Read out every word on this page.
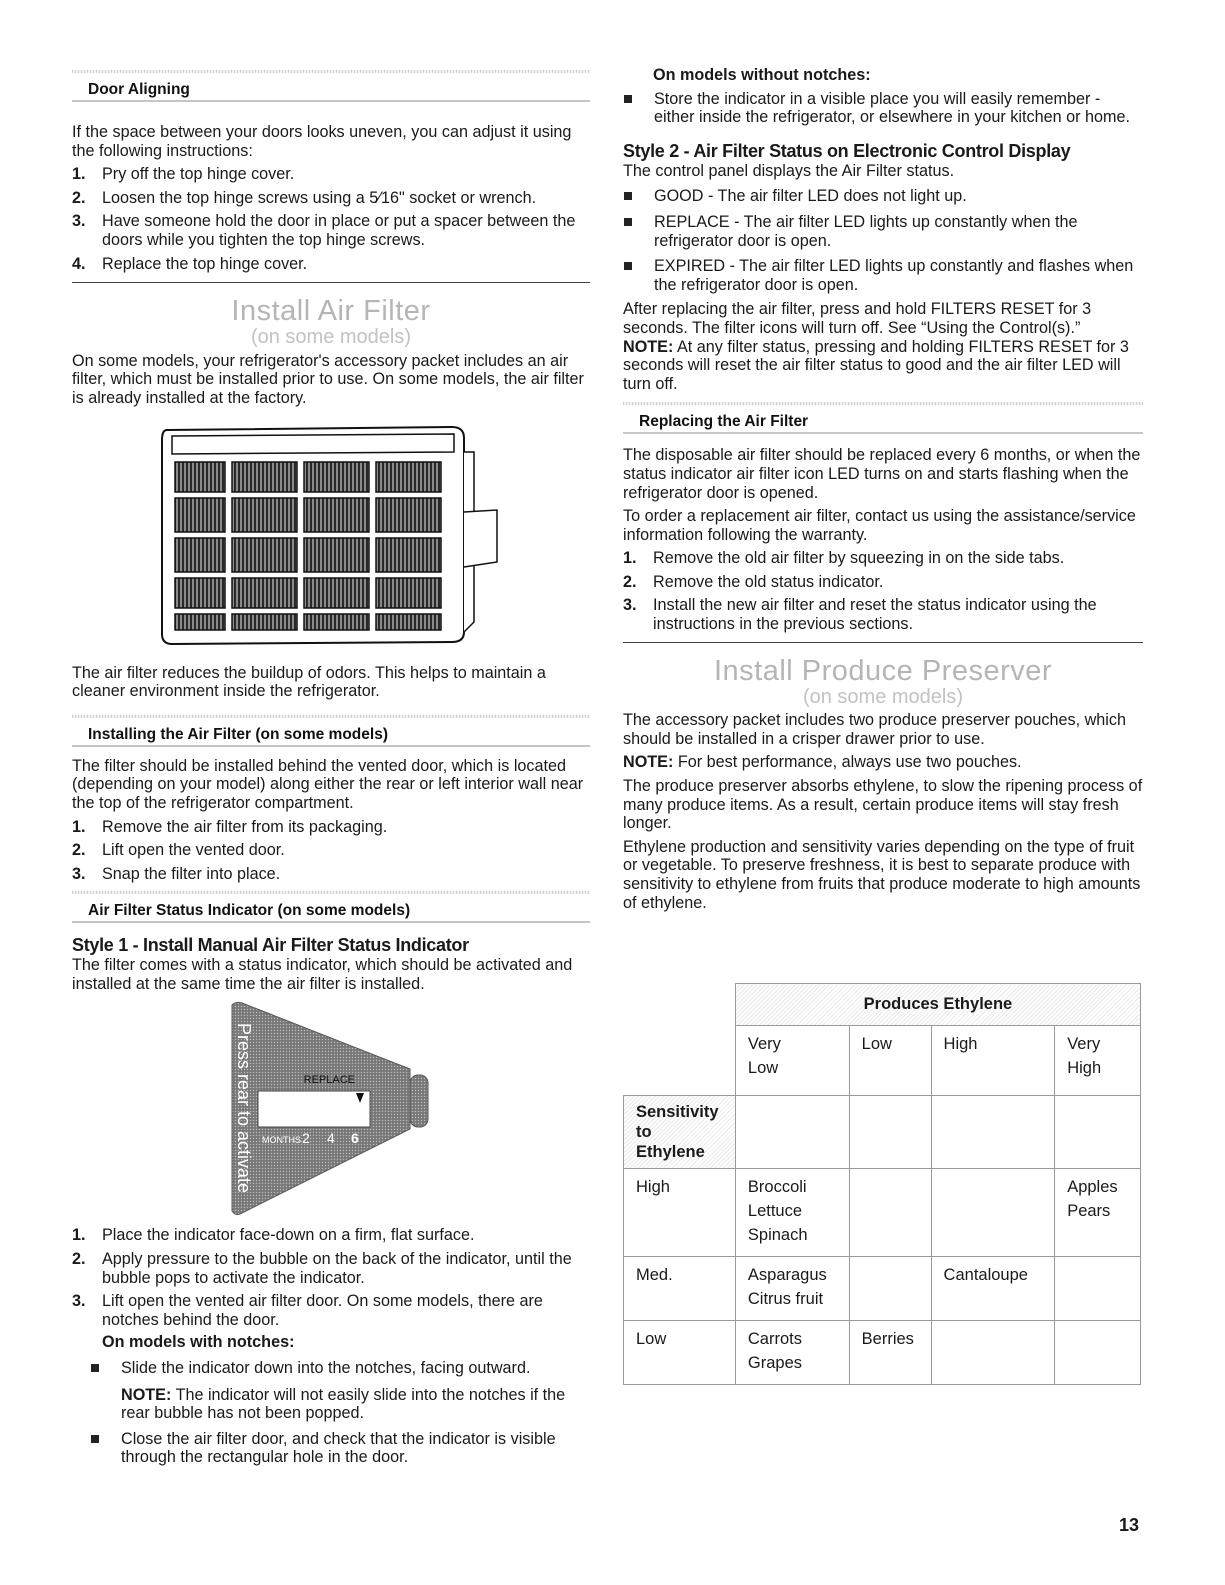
Door Aligning

If the space between your doors looks uneven, you can adjust it using the following instructions:

1. Pry off the top hinge cover.
2. Loosen the top hinge screws using a 5⁄16" socket or wrench.
3. Have someone hold the door in place or put a spacer between the doors while you tighten the top hinge screws.
4. Replace the top hinge cover.
Install Air Filter

(on some models)

On some models, your refrigerator's accessory packet includes an air filter, which must be installed prior to use. On some models, the air filter is already installed at the factory.

The air filter reduces the buildup of odors. This helps to maintain a cleaner environment inside the refrigerator.

Installing the Air Filter (on some models)

The filter should be installed behind the vented door, which is located (depending on your model) along either the rear or left interior wall near the top of the refrigerator compartment.

1. Remove the air filter from its packaging.
2. Lift open the vented door.
3. Snap the filter into place.
Air Filter Status Indicator (on some models)

Style 1 - Install Manual Air Filter Status Indicator

The filter comes with a status indicator, which should be activated and installed at the same time the air filter is installed.

REPLACE
MONTHS 2 4 6
Press rear to activate
1. Place the indicator face-down on a firm, flat surface.
2. Apply pressure to the bubble on the back of the indicator, until the bubble pops to activate the indicator.
3. Lift open the vented air filter door. On some models, there are notches behind the door.

On models with notches:

Slide the indicator down into the notches, facing outward.

NOTE: The indicator will not easily slide into the notches if the rear bubble has not been popped.

Close the air filter door, and check that the indicator is visible through the rectangular hole in the door.

On models without notches:

Store the indicator in a visible place you will easily remember - either inside the refrigerator, or elsewhere in your kitchen or home.

Style 2 - Air Filter Status on Electronic Control Display

The control panel displays the Air Filter status.

GOOD - The air filter LED does not light up.
REPLACE - The air filter LED lights up constantly when the refrigerator door is open.
EXPIRED - The air filter LED lights up constantly and flashes when the refrigerator door is open.

After replacing the air filter, press and hold FILTERS RESET for 3 seconds. The filter icons will turn off. See “Using the Control(s).”

NOTE: At any filter status, pressing and holding FILTERS RESET for 3 seconds will reset the air filter status to good and the air filter LED will turn off.

Replacing the Air Filter

The disposable air filter should be replaced every 6 months, or when the status indicator air filter icon LED turns on and starts flashing when the refrigerator door is opened.

To order a replacement air filter, contact us using the assistance/service information following the warranty.

1. Remove the old air filter by squeezing in on the side tabs.
2. Remove the old status indicator.
3. Install the new air filter and reset the status indicator using the instructions in the previous sections.
Install Produce Preserver

(on some models)

The accessory packet includes two produce preserver pouches, which should be installed in a crisper drawer prior to use.

NOTE: For best performance, always use two pouches.

The produce preserver absorbs ethylene, to slow the ripening process of many produce items. As a result, certain produce items will stay fresh longer.

Ethylene production and sensitivity varies depending on the type of fruit or vegetable. To preserve freshness, it is best to separate produce with sensitivity to ethylene from fruits that produce moderate to high amounts of ethylene.

	Produces Ethylene			

	Very
Low	Low	High	Very
High

Sensitivity
to
Ethylene				

High	Broccoli
Lettuce
Spinach			Apples
Pears

Med.	Asparagus
Citrus fruit		Cantaloupe	

Low	Carrots
Grapes	Berries		

13
